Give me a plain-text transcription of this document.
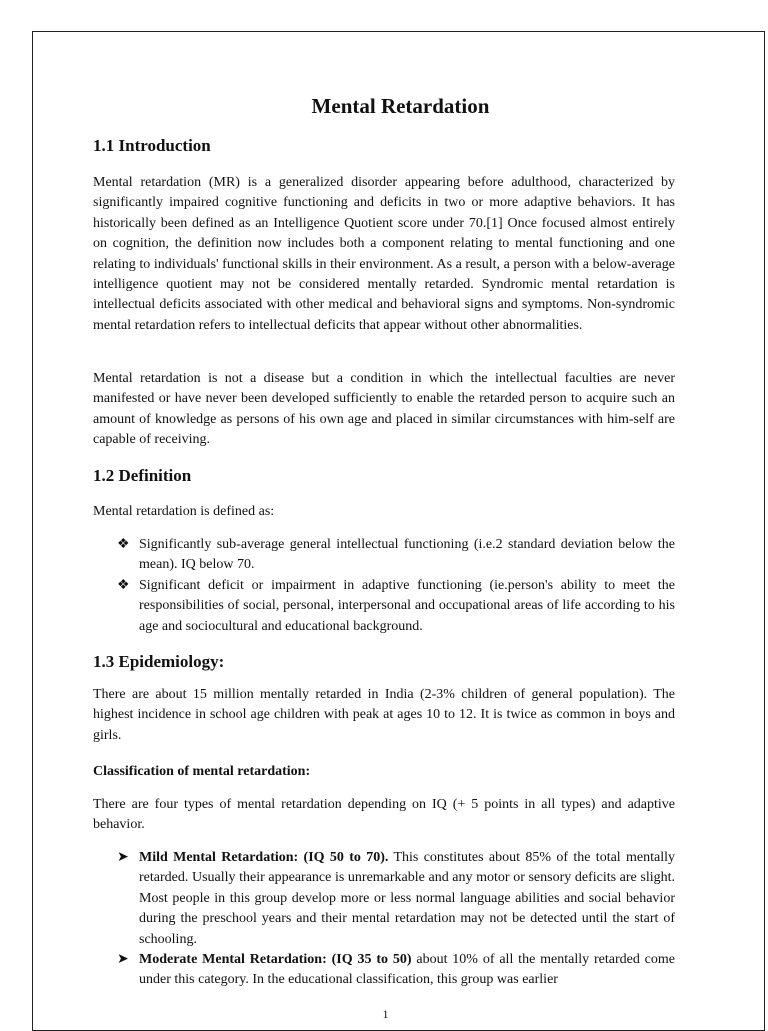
Mental Retardation
1.1 Introduction

Mental retardation (MR) is a generalized disorder appearing before adulthood, characterized by significantly impaired cognitive functioning and deficits in two or more adaptive behaviors. It has historically been defined as an Intelligence Quotient score under 70.[1] Once focused almost entirely on cognition, the definition now includes both a component relating to mental functioning and one relating to individuals' functional skills in their environment. As a result, a person with a below-average intelligence quotient may not be considered mentally retarded. Syndromic mental retardation is intellectual deficits associated with other medical and behavioral signs and symptoms. Non-syndromic mental retardation refers to intellectual deficits that appear without other abnormalities.

Mental retardation is not a disease but a condition in which the intellectual faculties are never manifested or have never been developed sufficiently to enable the retarded person to acquire such an amount of knowledge as persons of his own age and placed in similar circumstances with him-self are capable of receiving.

1.2 Definition

Mental retardation is defined as:

❖ Significantly sub-average general intellectual functioning (i.e.2 standard deviation below the mean). IQ below 70.
❖ Significant deficit or impairment in adaptive functioning (ie.person's ability to meet the responsibilities of social, personal, interpersonal and occupational areas of life according to his age and sociocultural and educational background.
1.3 Epidemiology:

There are about 15 million mentally retarded in India (2-3% children of general population). The highest incidence in school age children with peak at ages 10 to 12. It is twice as common in boys and girls.

Classification of mental retardation:

There are four types of mental retardation depending on IQ (+ 5 points in all types) and adaptive behavior.

➤ Mild Mental Retardation: (IQ 50 to 70). This constitutes about 85% of the total mentally retarded. Usually their appearance is unremarkable and any motor or sensory deficits are slight. Most people in this group develop more or less normal language abilities and social behavior during the preschool years and their mental retardation may not be detected until the start of schooling.
➤ Moderate Mental Retardation: (IQ 35 to 50) about 10% of all the mentally retarded come under this category. In the educational classification, this group was earlier
1
